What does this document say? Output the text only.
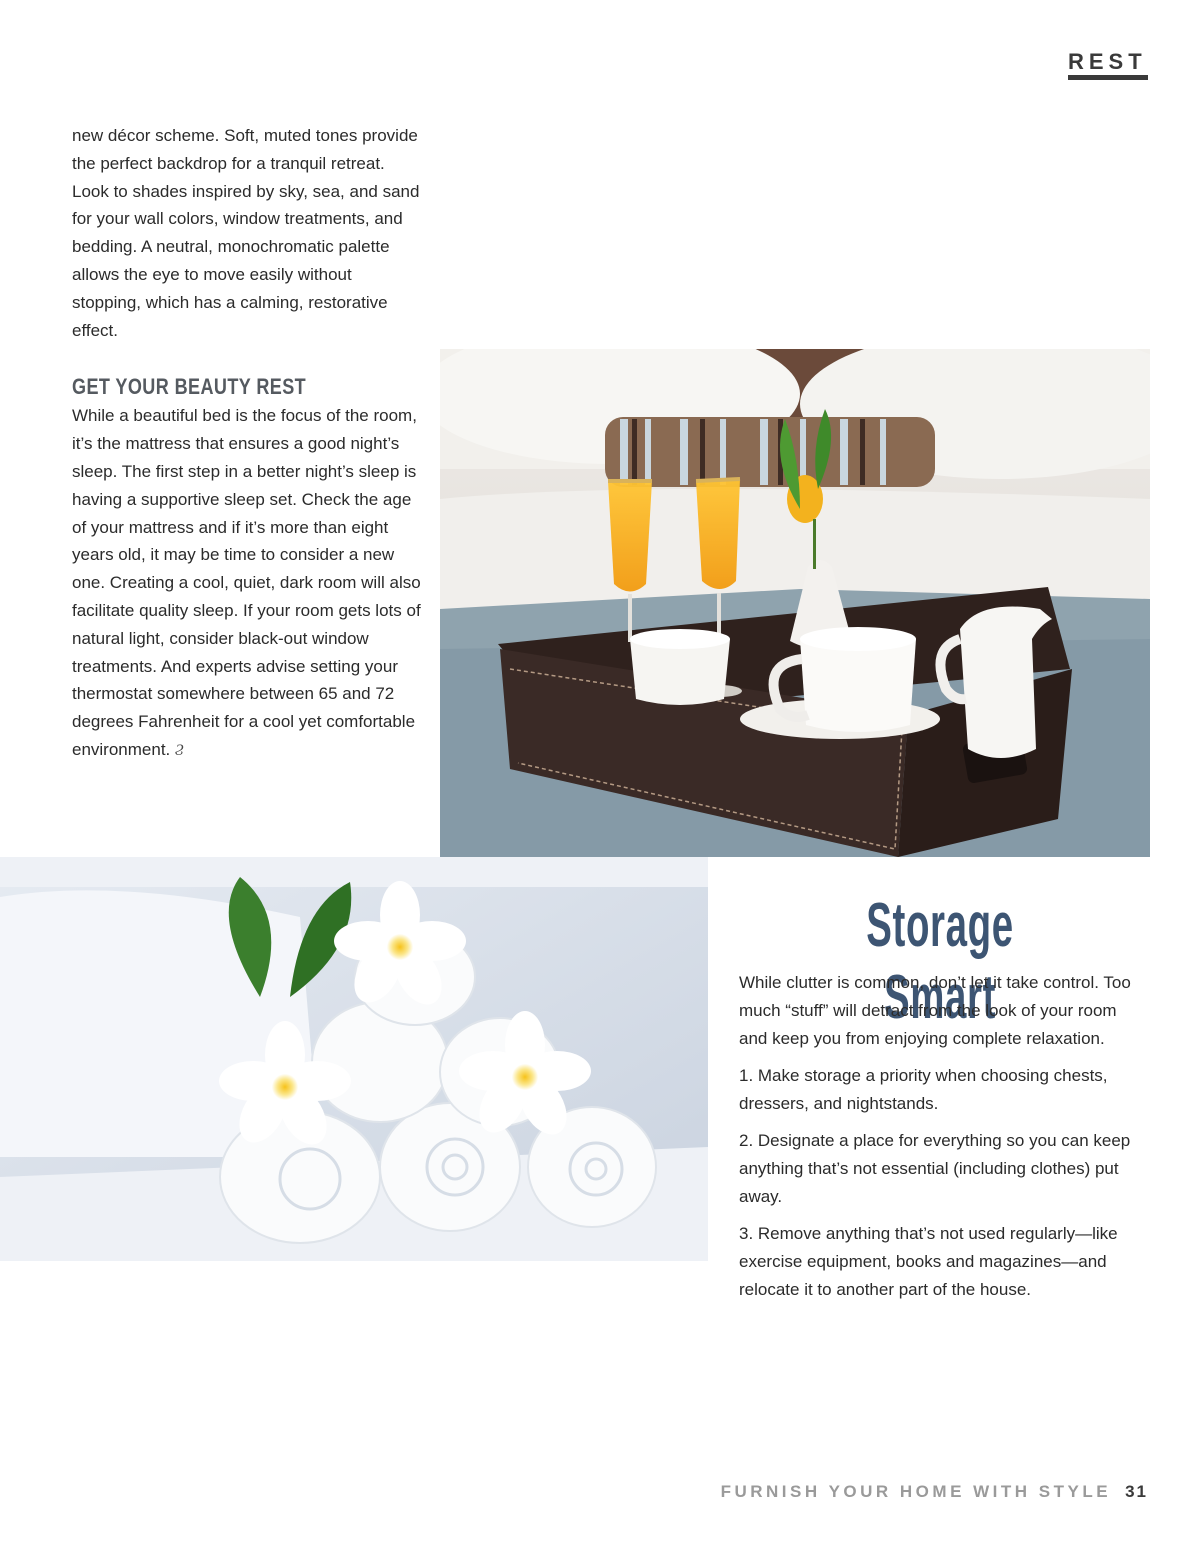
REST

new décor scheme. Soft, muted tones provide the perfect backdrop for a tranquil retreat. Look to shades inspired by sky, sea, and sand for your wall colors, window treatments, and bedding. A neutral, monochromatic palette allows the eye to move easily without stopping, which has a calming, restorative effect.

GET YOUR BEAUTY REST

While a beautiful bed is the focus of the room, it’s the mattress that ensures a good night’s sleep. The first step in a better night’s sleep is having a supportive sleep set. Check the age of your mattress and if it’s more than eight years old, it may be time to consider a new one. Creating a cool, quiet, dark room will also facilitate quality sleep. If your room gets lots of natural light, consider black-out window treatments. And experts advise setting your thermostat somewhere between 65 and 72 degrees Fahrenheit for a cool yet comfortable environment. Ϩ

Storage Smart

While clutter is common, don’t let it take control. Too much “stuff” will detract from the look of your room and keep you from enjoying complete relaxation.

1. Make storage a priority when choosing chests, dressers, and nightstands.

2. Designate a place for everything so you can keep anything that’s not essential (including clothes) put away.

3. Remove anything that’s not used regularly—like exercise equipment, books and magazines—and relocate it to another part of the house.

FURNISH YOUR HOME WITH STYLE 31
